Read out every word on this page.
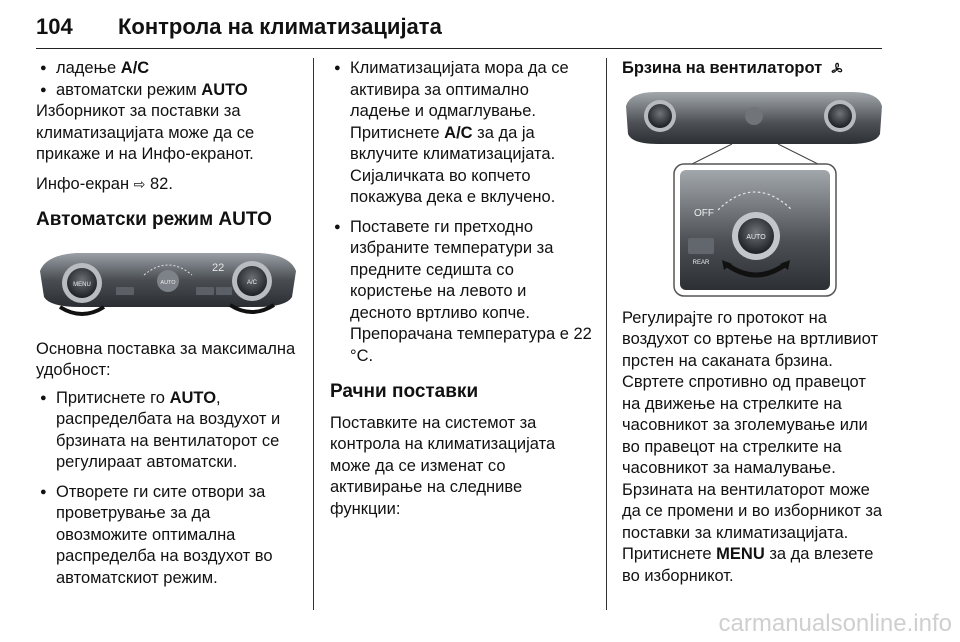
104 Контрола на климатизацијата
● ладење A/C
● автоматски режим AUTO

Изборникот за поставки за климатизацијата може да се прикаже и на Инфо-екранот.

Инфо-екран ⇨ 82.

Автоматски режим AUTO
MENU	AUTO
22
A/C

Основна поставка за максимална удобност:

● Притиснете го AUTO, распределбата на воздухот и брзината на вентилаторот се регулираат автоматски.
● Отворете ги сите отвори за проветрување за да овозможите оптимална распределба на воздухот во автоматскиот режим.
● Климатизацијата мора да се активира за оптимално ладење и одмаглување. Притиснете A/C за да ја вклучите климатизацијата. Сијаличката во копчето покажува дека е вклучено.
● Поставете ги претходно избраните температури за предните седишта со користење на левото и десното вртливо копче. Препорачана температура е 22 °C.
Рачни поставки

Поставките на системот за контрола на климатизацијата може да се изменат со активирање на следниве функции:

Брзина на вентилаторот
OFF
AUTO
REAR

Регулирајте го протокот на воздухот со вртење на вртливиот прстен на саканата брзина. Свртете спротивно од правецот на движење на стрелките на часовникот за зголемување или во правецот на стрелките на часовникот за намалување.

Брзината на вентилаторот може да се промени и во изборникот за поставки за климатизацијата.

Притиснете MENU за да влезете во изборникот.

carmanualsonline.info
